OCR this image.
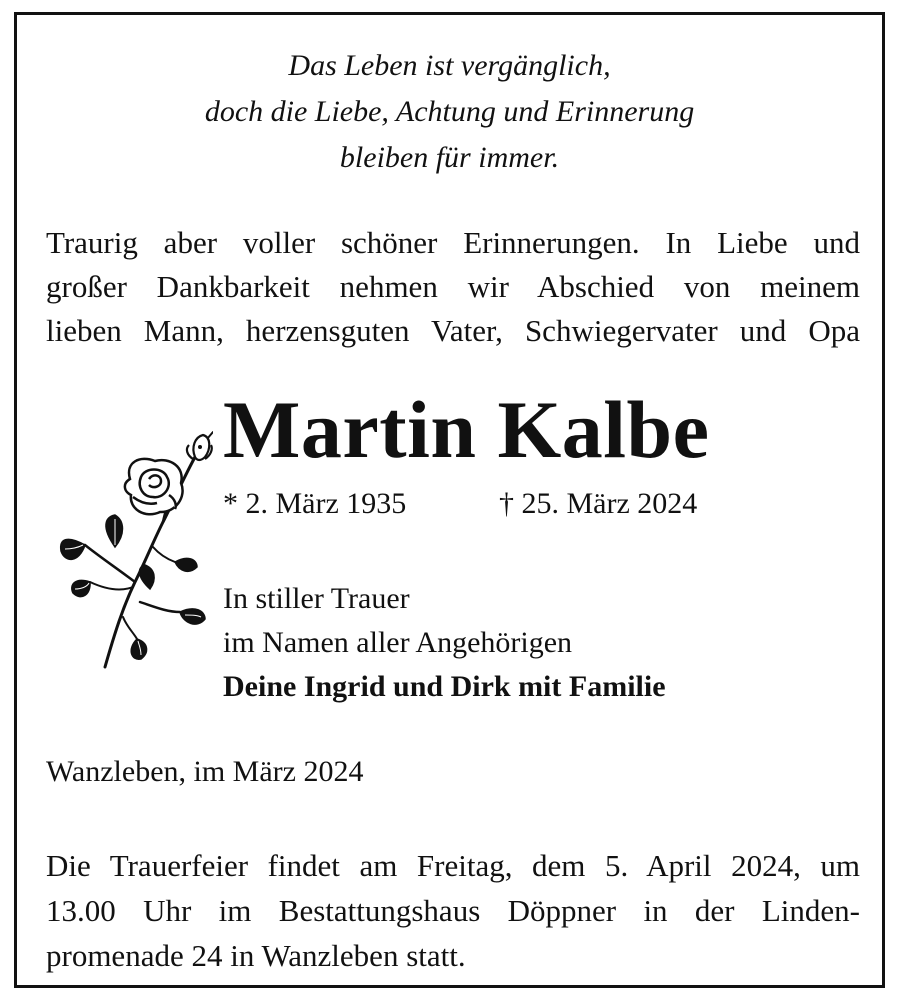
Das Leben ist vergänglich,
doch die Liebe, Achtung und Erinnerung
bleiben für immer.
Traurig aber voller schöner Erinnerungen. In Liebe und
großer Dankbarkeit nehmen wir Abschied von meinem
lieben Mann, herzensguten Vater, Schwiegervater und Opa
Martin Kalbe
* 2. März 1935	† 25. März 2024
In stiller Trauer
im Namen aller Angehörigen
Deine Ingrid und Dirk mit Familie
Wanzleben, im März 2024
Die Trauerfeier findet am Freitag, dem 5. April 2024, um
13.00 Uhr im Bestattungshaus Döppner in der Linden-
promenade 24 in Wanzleben statt.
